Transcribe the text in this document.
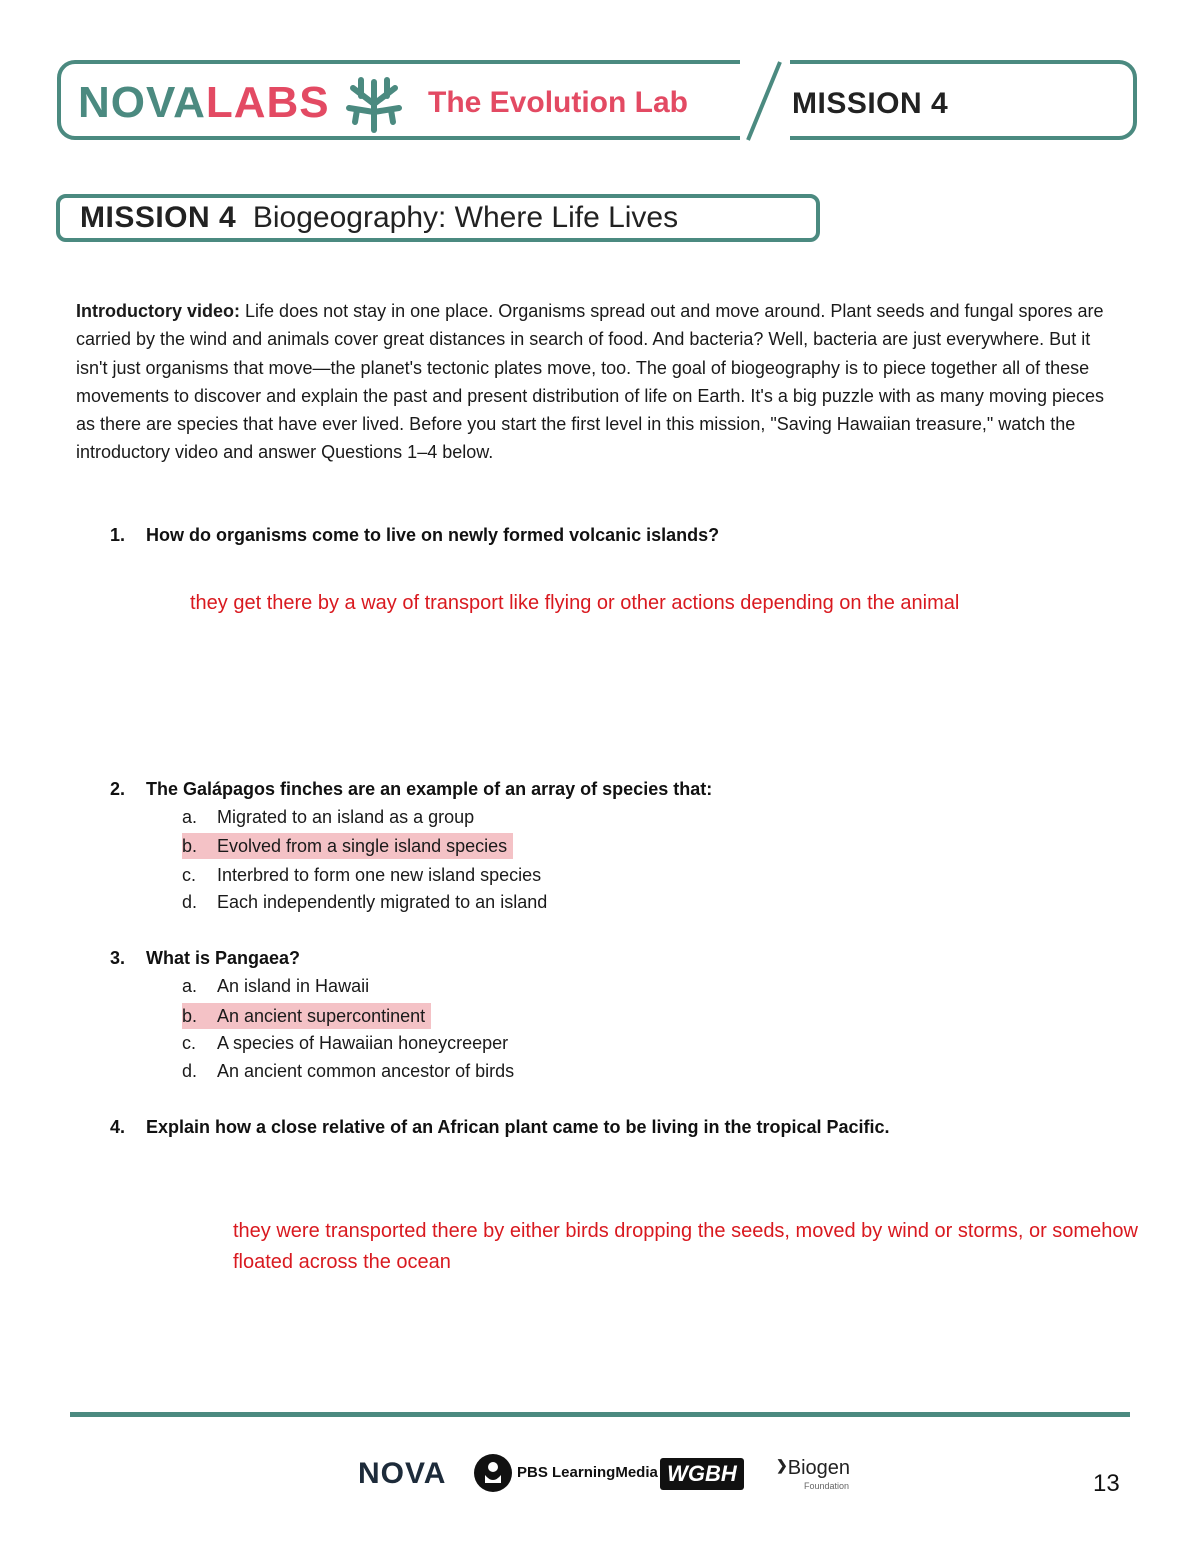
NOVALABS	The Evolution Lab	MISSION 4
MISSION 4 Biogeography: Where Life Lives
Introductory video: Life does not stay in one place. Organisms spread out and move around. Plant seeds and fungal spores are carried by the wind and animals cover great distances in search of food. And bacteria? Well, bacteria are just everywhere. But it isn't just organisms that move—the planet's tectonic plates move, too. The goal of biogeography is to piece together all of these movements to discover and explain the past and present distribution of life on Earth. It's a big puzzle with as many moving pieces as there are species that have ever lived. Before you start the first level in this mission, "Saving Hawaiian treasure," watch the introductory video and answer Questions 1–4 below.
1. How do organisms come to live on newly formed volcanic islands?
they get there by a way of transport like flying or other actions depending on the animal
2. The Galápagos finches are an example of an array of species that:
a. Migrated to an island as a group
b. Evolved from a single island species
c. Interbred to form one new island species
d. Each independently migrated to an island
3. What is Pangaea?
a. An island in Hawaii
b. An ancient supercontinent
c. A species of Hawaiian honeycreeper
d. An ancient common ancestor of birds
4. Explain how a close relative of an African plant came to be living in the tropical Pacific.
they were transported there by either birds dropping the seeds, moved by wind or storms, or somehow
floated across the ocean
NOVA	PBS LearningMedia WGBH	❯Biogen
Foundation	13
